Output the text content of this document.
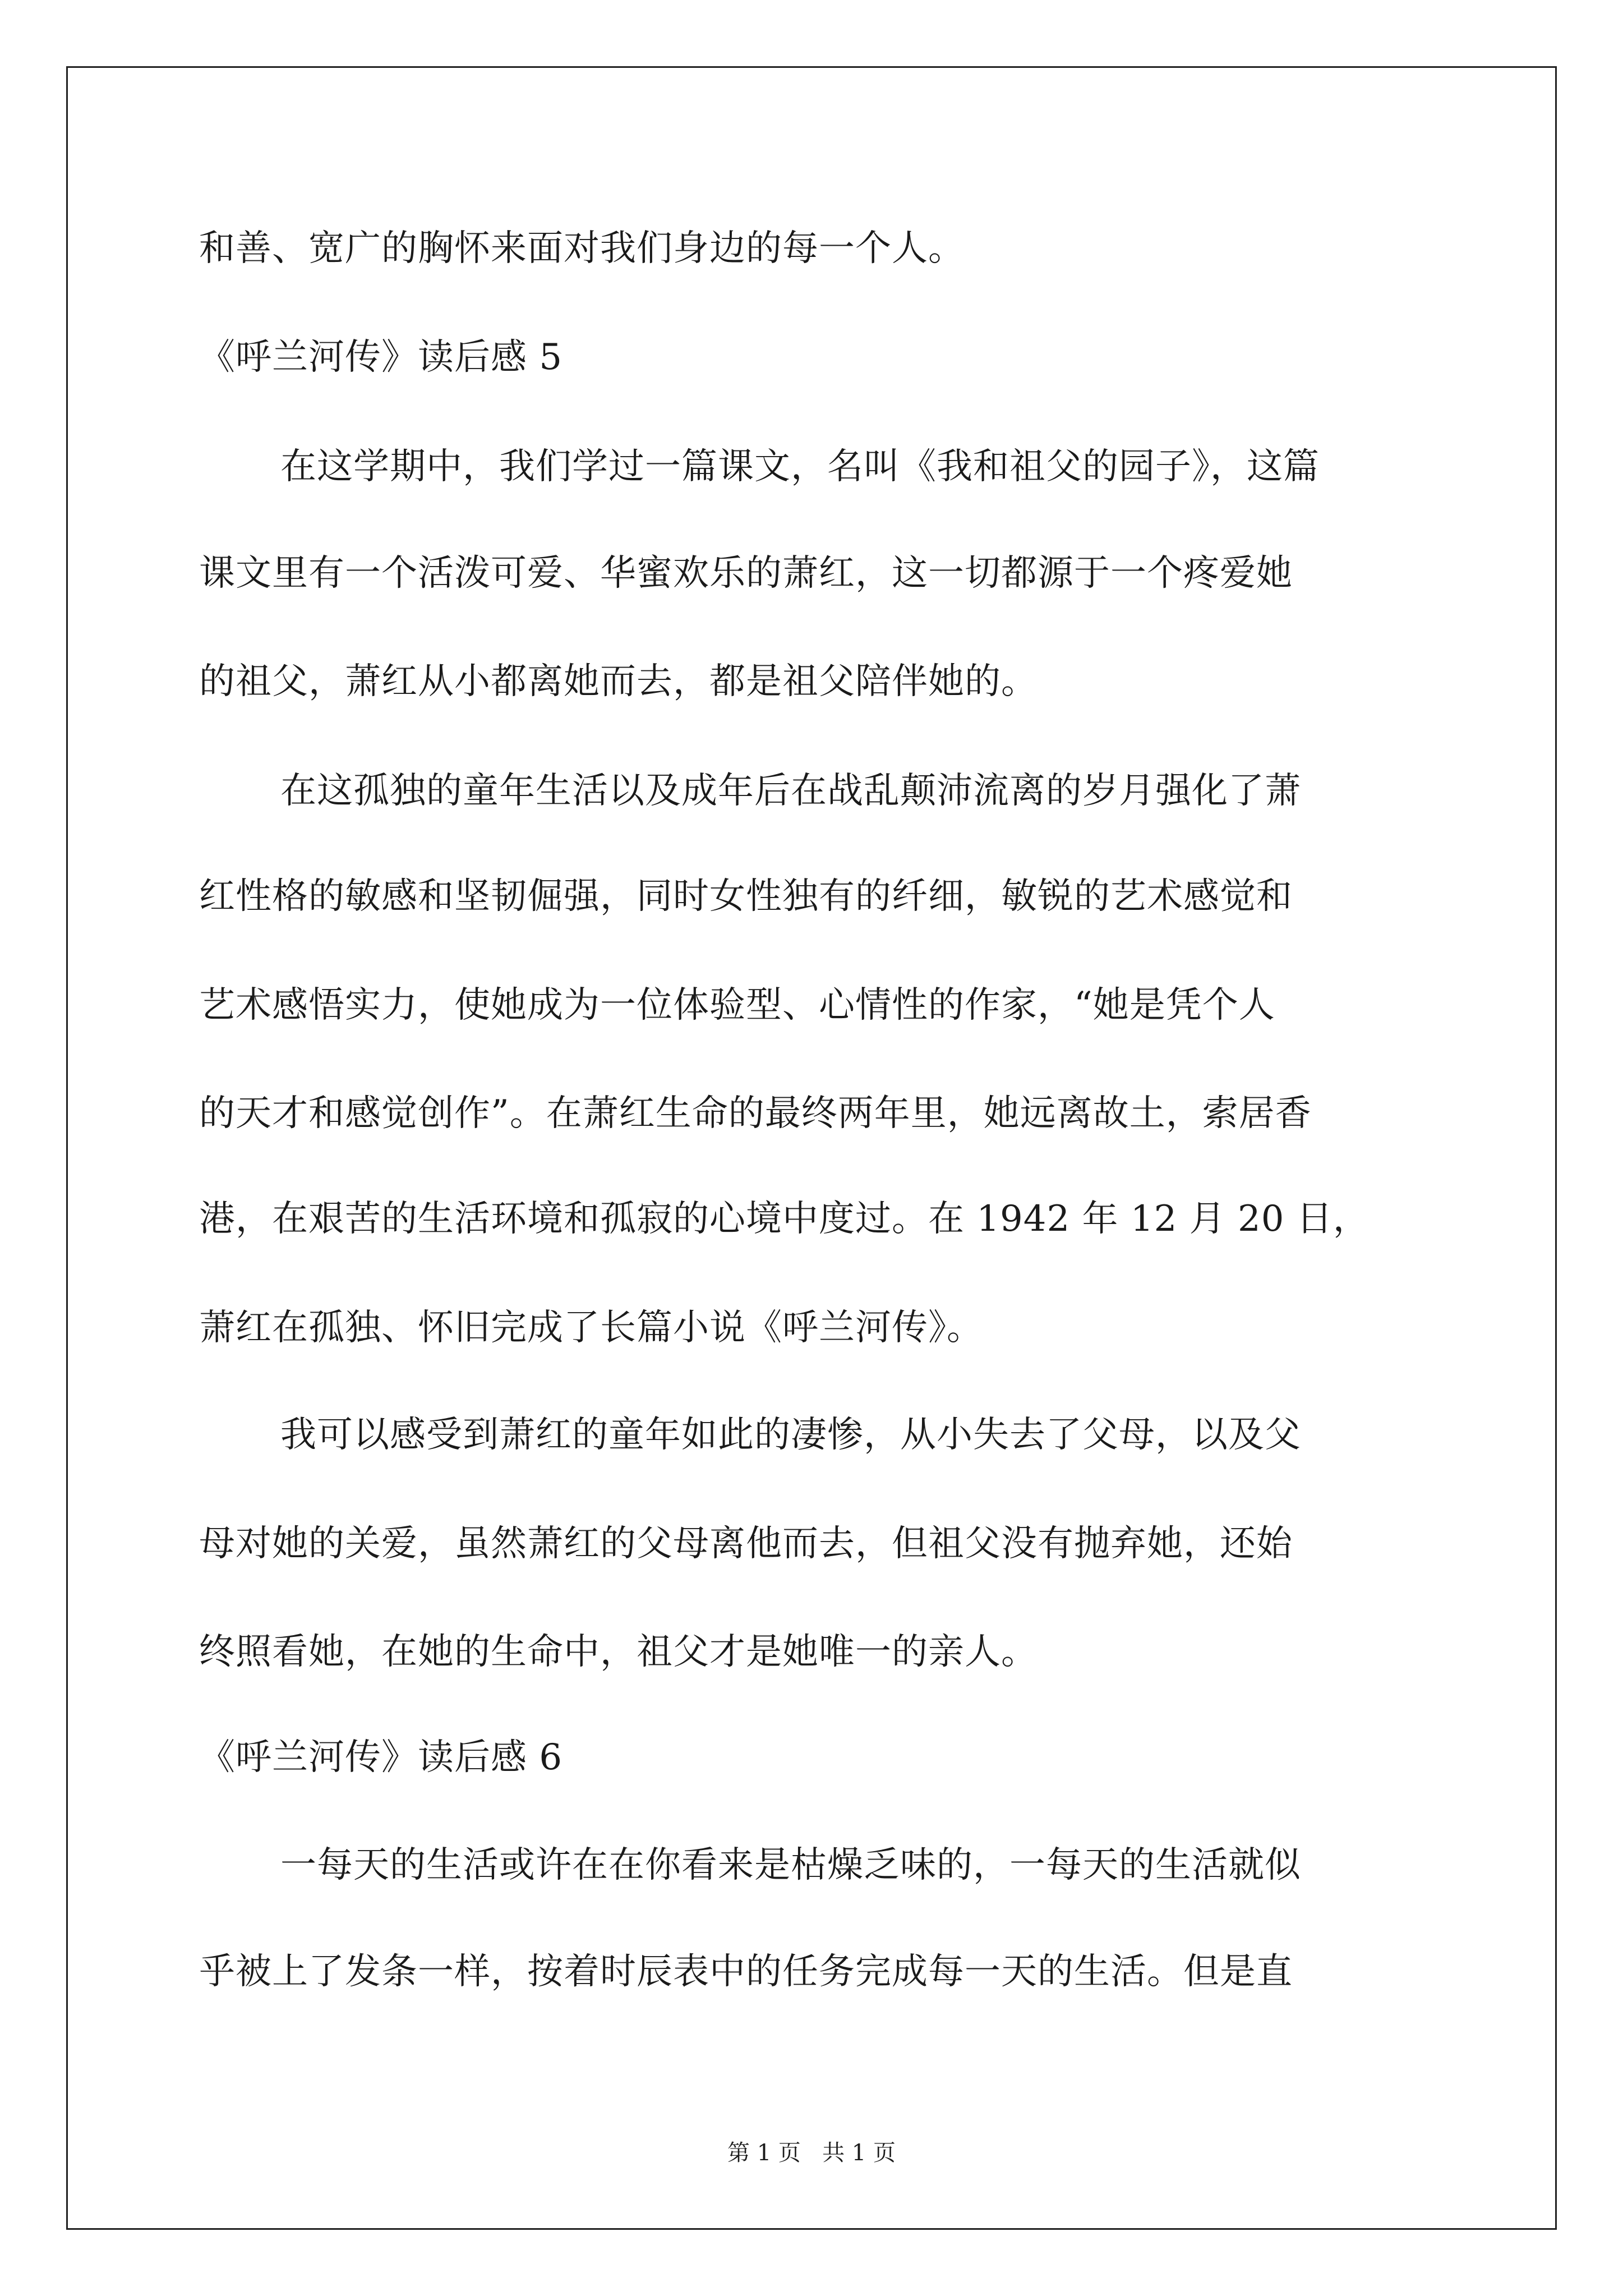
和善、宽广的胸怀来面对我们身边的每一个人。
《呼兰河传》读后感 5
在这学期中，我们学过一篇课文，名叫《我和祖父的园子》，这篇
课文里有一个活泼可爱、华蜜欢乐的萧红，这一切都源于一个疼爱她
的祖父，萧红从小都离她而去，都是祖父陪伴她的。
在这孤独的童年生活以及成年后在战乱颠沛流离的岁月强化了萧
红性格的敏感和坚韧倔强，同时女性独有的纤细，敏锐的艺术感觉和
艺术感悟实力，使她成为一位体验型、心情性的作家，“她是凭个人
的天才和感觉创作”。在萧红生命的最终两年里，她远离故土，索居香
港，在艰苦的生活环境和孤寂的心境中度过。在 1942 年 12 月 20 日，
萧红在孤独、怀旧完成了长篇小说《呼兰河传》。
我可以感受到萧红的童年如此的凄惨，从小失去了父母，以及父
母对她的关爱，虽然萧红的父母离他而去，但祖父没有抛弃她，还始
终照看她，在她的生命中，祖父才是她唯一的亲人。
《呼兰河传》读后感 6
一每天的生活或许在在你看来是枯燥乏味的，一每天的生活就似
乎被上了发条一样，按着时辰表中的任务完成每一天的生活。但是直
第 1 页   共 1 页
